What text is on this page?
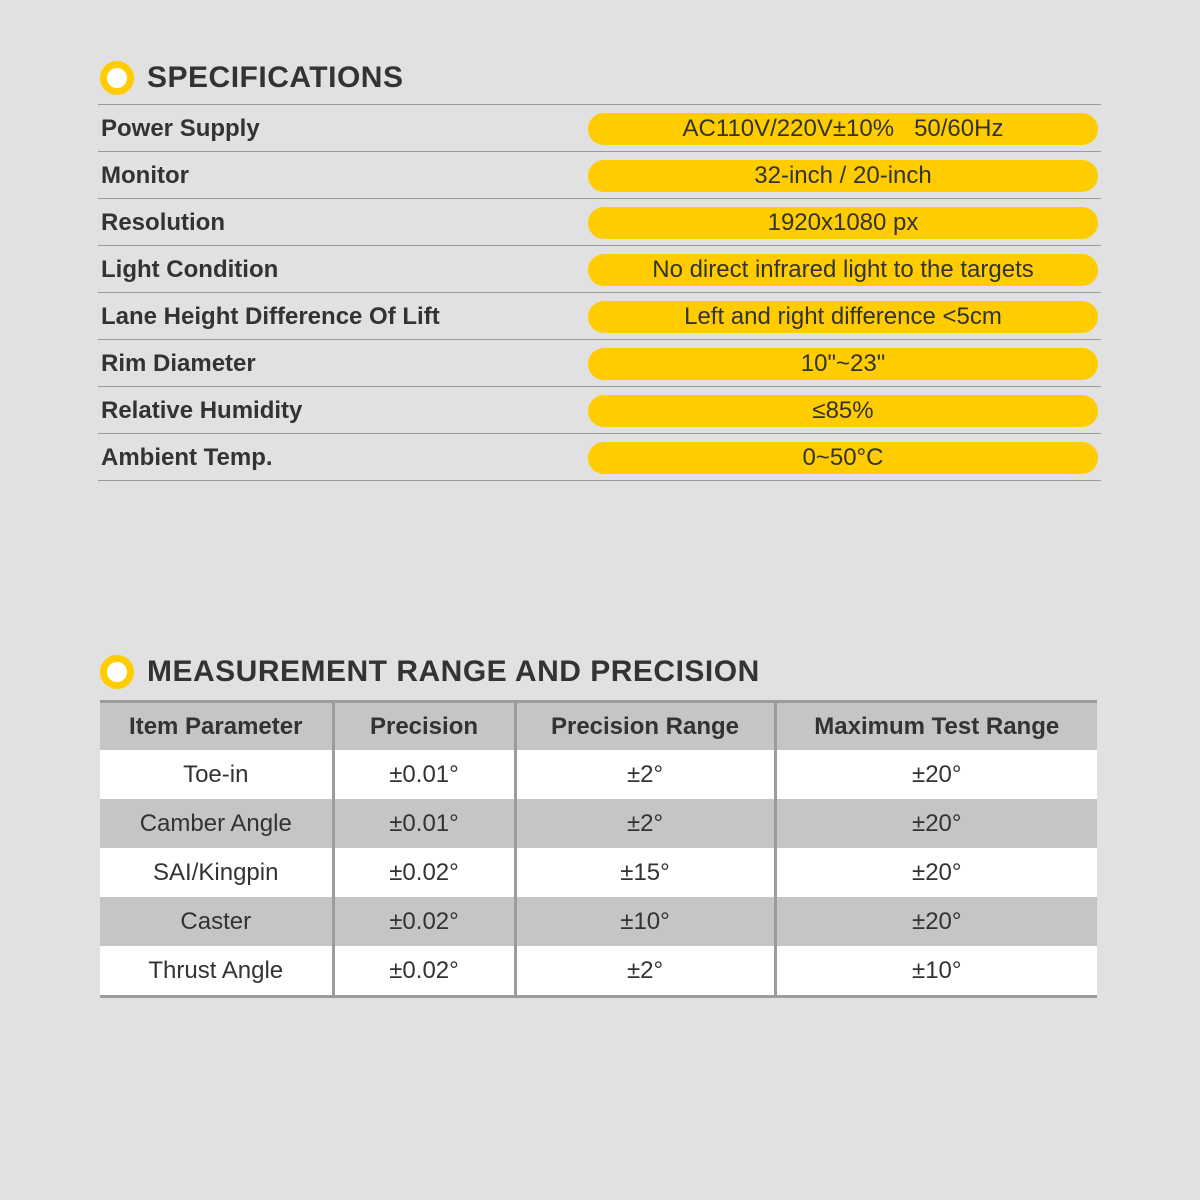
SPECIFICATIONS
Power Supply	AC110V/220V±10%   50/60Hz
Monitor	32-inch / 20-inch
Resolution	1920x1080 px
Light Condition	No direct infrared light to the targets
Lane Height Difference Of Lift	Left and right difference <5cm
Rim Diameter	10"~23"
Relative Humidity	≤85%
Ambient Temp.	0~50°C
MEASUREMENT RANGE AND PRECISION
Item Parameter	Precision	Precision Range	Maximum Test Range
Toe-in	±0.01°	±2°	±20°
Camber Angle	±0.01°	±2°	±20°
SAI/Kingpin	±0.02°	±15°	±20°
Caster	±0.02°	±10°	±20°
Thrust Angle	±0.02°	±2°	±10°
